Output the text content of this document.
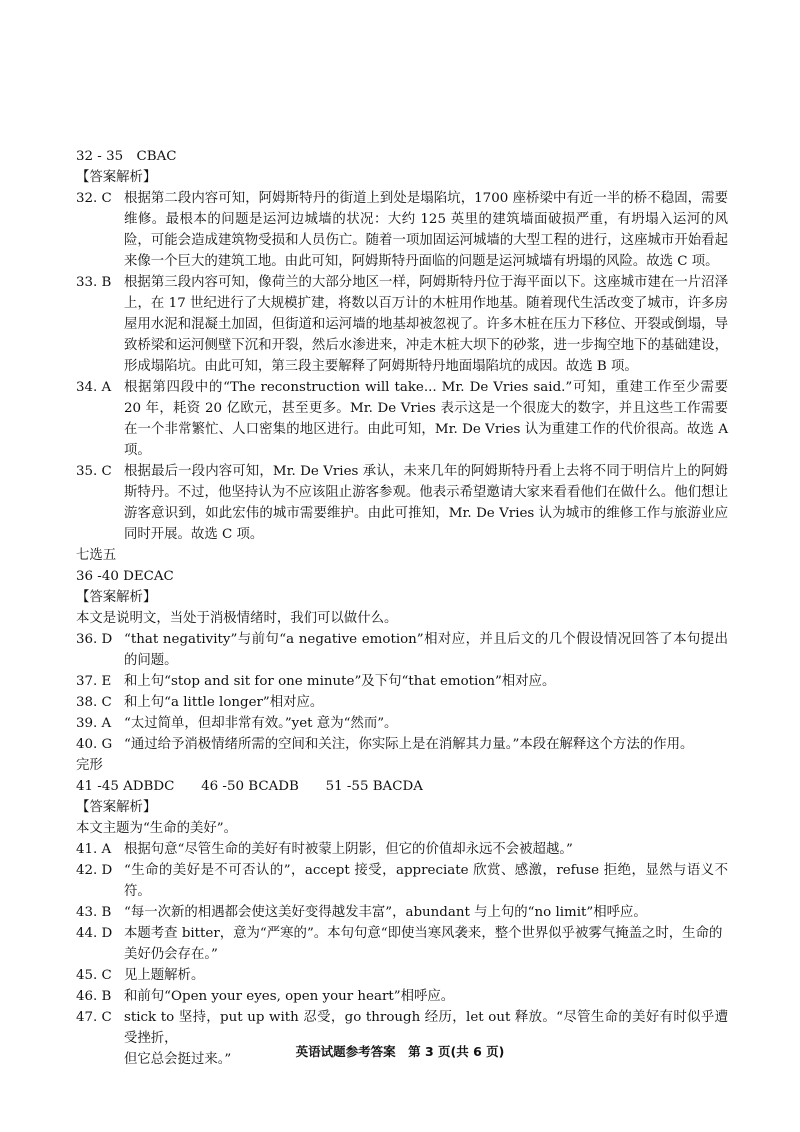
32 - 35　CBAC
【答案解析】
32. C 根据第二段内容可知，阿姆斯特丹的街道上到处是塌陷坑，1700 座桥梁中有近一半的桥不稳固，需要维修。最根本的问题是运河边城墙的状况：大约 125 英里的建筑墙面破损严重，有坍塌入运河的风险，可能会造成建筑物受损和人员伤亡。随着一项加固运河城墙的大型工程的进行，这座城市开始看起来像一个巨大的建筑工地。由此可知，阿姆斯特丹面临的问题是运河城墙有坍塌的风险。故选 C 项。

33. B 根据第三段内容可知，像荷兰的大部分地区一样，阿姆斯特丹位于海平面以下。这座城市建在一片沼泽上，在 17 世纪进行了大规模扩建，将数以百万计的木桩用作地基。随着现代生活改变了城市，许多房屋用水泥和混凝土加固，但街道和运河墙的地基却被忽视了。许多木桩在压力下移位、开裂或倒塌，导致桥梁和运河侧壁下沉和开裂，然后水渗进来，冲走木桩大坝下的砂浆，进一步掏空地下的基础建设，形成塌陷坑。由此可知，第三段主要解释了阿姆斯特丹地面塌陷坑的成因。故选 B 项。

34. A 根据第四段中的“The reconstruction will take... Mr. De Vries said.”可知，重建工作至少需要 20 年，耗资 20 亿欧元，甚至更多。Mr. De Vries 表示这是一个很庞大的数字，并且这些工作需要在一个非常繁忙、人口密集的地区进行。由此可知，Mr. De Vries 认为重建工作的代价很高。故选 A 项。

35. C 根据最后一段内容可知，Mr. De Vries 承认，未来几年的阿姆斯特丹看上去将不同于明信片上的阿姆斯特丹。不过，他坚持认为不应该阻止游客参观。他表示希望邀请大家来看看他们在做什么。他们想让游客意识到，如此宏伟的城市需要维护。由此可推知，Mr. De Vries 认为城市的维修工作与旅游业应同时开展。故选 C 项。

七选五
36 -40 DECAC
【答案解析】
本文是说明文，当处于消极情绪时，我们可以做什么。
36. D “that negativity”与前句“a negative emotion”相对应，并且后文的几个假设情况回答了本句提出的问题。

37. E 和上句“stop and sit for one minute”及下句“that emotion”相对应。

38. C 和上句“a little longer”相对应。

39. A “太过简单，但却非常有效。”yet 意为“然而”。

40. G “通过给予消极情绪所需的空间和关注，你实际上是在消解其力量。”本段在解释这个方法的作用。

完形
41 -45 ADBDC　　46 -50 BCADB　　51 -55 BACDA
【答案解析】
本文主题为“生命的美好”。
41. A 根据句意“尽管生命的美好有时被蒙上阴影，但它的价值却永远不会被超越。”

42. D “生命的美好是不可否认的”，accept 接受，appreciate 欣赏、感激，refuse 拒绝，显然与语义不符。

43. B “每一次新的相遇都会使这美好变得越发丰富”，abundant 与上句的“no limit”相呼应。

44. D 本题考查 bitter，意为“严寒的”。本句句意“即使当寒风袭来，整个世界似乎被雾气掩盖之时，生命的

美好仍会存在。”

45. C 见上题解析。

46. B 和前句“Open your eyes, open your heart”相呼应。

47. C stick to 坚持，put up with 忍受，go through 经历，let out 释放。“尽管生命的美好有时似乎遭受挫折，

但它总会挺过来。”

英语试题参考答案　第 3 页(共 6 页)
